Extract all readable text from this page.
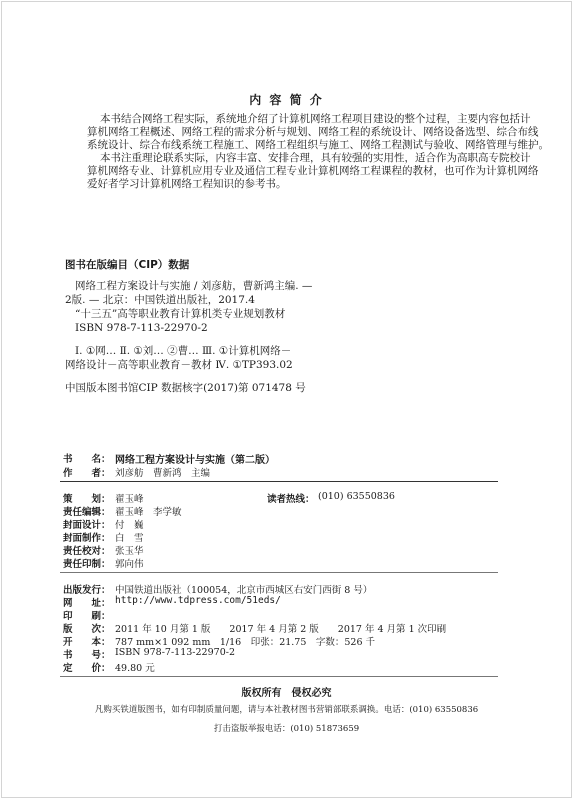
内 容 简 介
本书结合网络工程实际，系统地介绍了计算机网络工程项目建设的整个过程，主要内容包括计
算机网络工程概述、网络工程的需求分析与规划、网络工程的系统设计、网络设备选型、综合布线
系统设计、综合布线系统工程施工、网络工程组织与施工、网络工程测试与验收、网络管理与维护。
本书注重理论联系实际，内容丰富、安排合理，具有较强的实用性，适合作为高职高专院校计
算机网络专业、计算机应用专业及通信工程专业计算机网络工程课程的教材，也可作为计算机网络
爱好者学习计算机网络工程知识的参考书。
图书在版编目（CIP）数据
网络工程方案设计与实施 / 刘彦舫，曹新鸿主编. —
2版. — 北京：中国铁道出版社，2017.4
“十三五”高等职业教育计算机类专业规划教材
ISBN 978-7-113-22970-2
Ⅰ. ①网… Ⅱ. ①刘… ②曹… Ⅲ. ①计算机网络－
网络设计－高等职业教育－教材 Ⅳ. ①TP393.02
中国版本图书馆CIP 数据核字(2017)第 071478 号
书　　名： 网络工程方案设计与实施（第二版）
作　　者： 刘彦舫　曹新鸿　主编
策　　划： 翟玉峰	读者热线： (010) 63550836
责任编辑： 翟玉峰　李学敏
封面设计： 付　巍
封面制作： 白　雪
责任校对： 张玉华
责任印制： 郭向伟
出版发行： 中国铁道出版社（100054，北京市西城区右安门西街 8 号）
网　　址： http://www.tdpress.com/51eds/
印　　刷：
版　　次： 2011 年 10 月第 1 版　　2017 年 4 月第 2 版　　2017 年 4 月第 1 次印刷
开　　本： 787 mm×1 092 mm　1/16　印张：21.75　字数：526 千
书　　号： ISBN 978-7-113-22970-2
定　　价： 49.80 元
版权所有　侵权必究
凡购买铁道版图书，如有印制质量问题，请与本社教材图书营销部联系调换。电话：(010) 63550836
打击盗版举报电话：(010) 51873659
